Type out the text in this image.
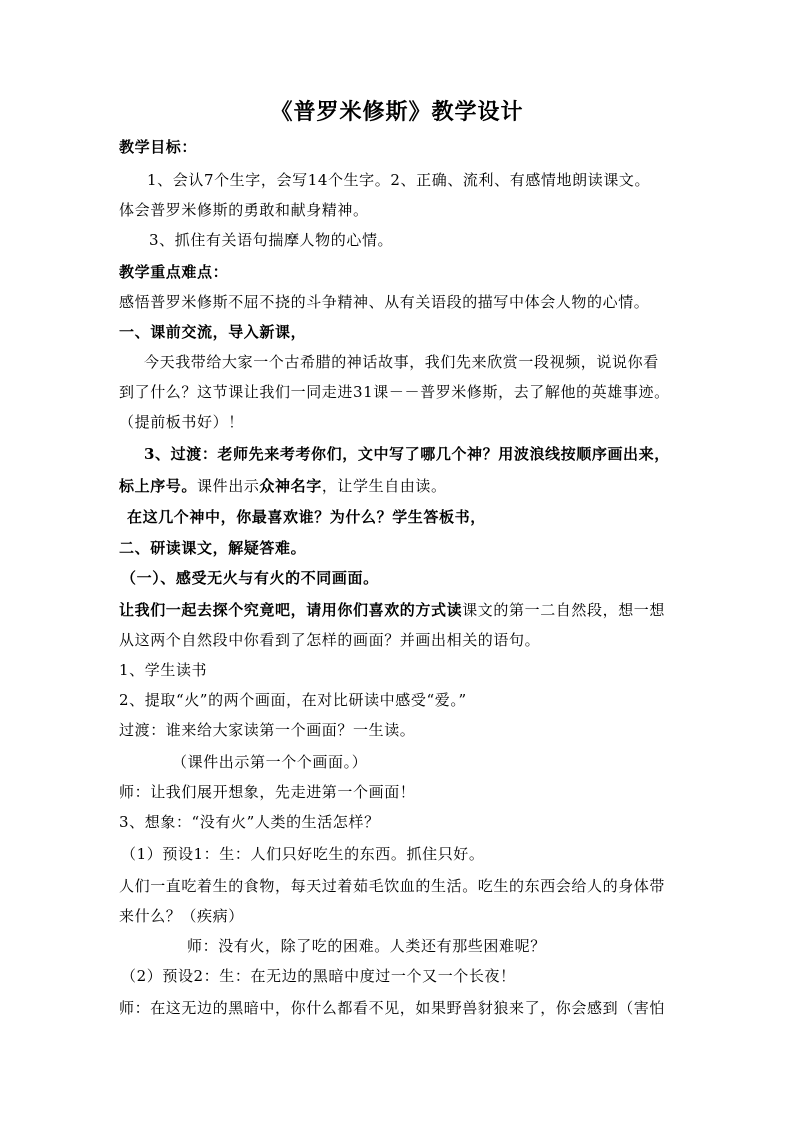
《普罗米修斯》教学设计
教学目标：
1、会认7个生字，会写14个生字。2、正确、流利、有感情地朗读课文。
体会普罗米修斯的勇敢和献身精神。
3、抓住有关语句揣摩人物的心情。
教学重点难点：
感悟普罗米修斯不屈不挠的斗争精神、从有关语段的描写中体会人物的心情。
一、课前交流，导入新课，
今天我带给大家一个古希腊的神话故事，我们先来欣赏一段视频，说说你看
到了什么？这节课让我们一同走进31课－－普罗米修斯，去了解他的英雄事迹。
（提前板书好）！
3、过渡：老师先来考考你们，文中写了哪几个神？用波浪线按顺序画出来，
标上序号。课件出示众神名字，让学生自由读。
在这几个神中，你最喜欢谁？为什么？学生答板书，
二、研读课文，解疑答难。
（一）、感受无火与有火的不同画面。
让我们一起去探个究竟吧，请用你们喜欢的方式读课文的第一二自然段，想一想
从这两个自然段中你看到了怎样的画面？并画出相关的语句。
1、学生读书
2、提取“火”的两个画面，在对比研读中感受“爱。”
过渡：谁来给大家读第一个画面？一生读。
（课件出示第一个个画面。）
师：让我们展开想象，先走进第一个画面！
3、想象：“没有火”人类的生活怎样？
（1）预设1：生：人们只好吃生的东西。抓住只好。
人们一直吃着生的食物，每天过着茹毛饮血的生活。吃生的东西会给人的身体带
来什么？（疾病）
师：没有火，除了吃的困难。人类还有那些困难呢？
（2）预设2：生：在无边的黑暗中度过一个又一个长夜！
师：在这无边的黑暗中，你什么都看不见，如果野兽豺狼来了，你会感到（害怕
